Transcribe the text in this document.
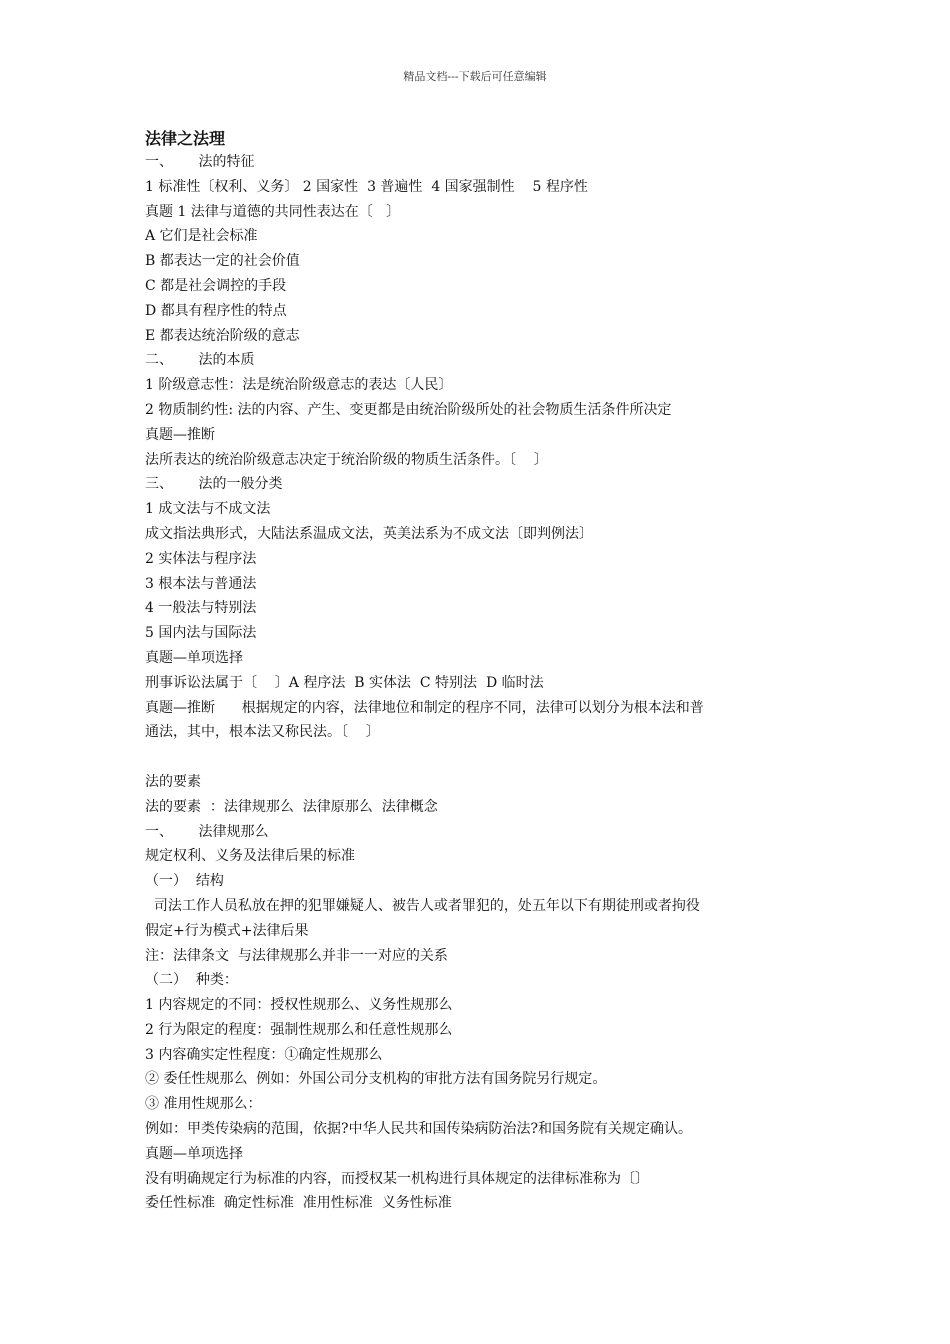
精品文档---下载后可任意编辑
法律之法理
一、　　 法的特征
1 标准性〔权利、义务〕 2 国家性  3 普遍性  4 国家强制性    5 程序性
真题 1 法律与道德的共同性表达在〔   〕
A 它们是社会标准
B 都表达一定的社会价值
C 都是社会调控的手段
D 都具有程序性的特点
E 都表达统治阶级的意志
二、　　 法的本质
1 阶级意志性：法是统治阶级意志的表达〔人民〕
2 物质制约性: 法的内容、产生、变更都是由统治阶级所处的社会物质生活条件所决定
真题—推断
法所表达的统治阶级意志决定于统治阶级的物质生活条件。〔    〕
三、　　 法的一般分类
1 成文法与不成文法
成文指法典形式，大陆法系温成文法，英美法系为不成文法〔即判例法〕
2 实体法与程序法
3 根本法与普通法
4 一般法与特别法
5 国内法与国际法
真题—单项选择
刑事诉讼法属于〔    〕A 程序法  B 实体法  C 特别法  D 临时法
真题—推断      根据规定的内容，法律地位和制定的程序不同，法律可以划分为根本法和普
通法，其中，根本法又称民法。〔    〕
法的要素
法的要素  ：法律规那么  法律原那么  法律概念
一、　　 法律规那么
规定权利、义务及法律后果的标准
（一）  结构
司法工作人员私放在押的犯罪嫌疑人、被告人或者罪犯的，处五年以下有期徒刑或者拘役
假定+行为模式+法律后果
注：法律条文  与法律规那么并非一一对应的关系
（二）  种类：
1 内容规定的不同：授权性规那么、义务性规那么
2 行为限定的程度：强制性规那么和任意性规那么
3 内容确实定性程度：①确定性规那么
② 委任性规那么  例如：外国公司分支机构的审批方法有国务院另行规定。
③ 准用性规那么：
例如：甲类传染病的范围，依据?中华人民共和国传染病防治法?和国务院有关规定确认。
真题—单项选择
没有明确规定行为标准的内容，而授权某一机构进行具体规定的法律标准称为〔〕
委任性标准  确定性标准  准用性标准  义务性标准
